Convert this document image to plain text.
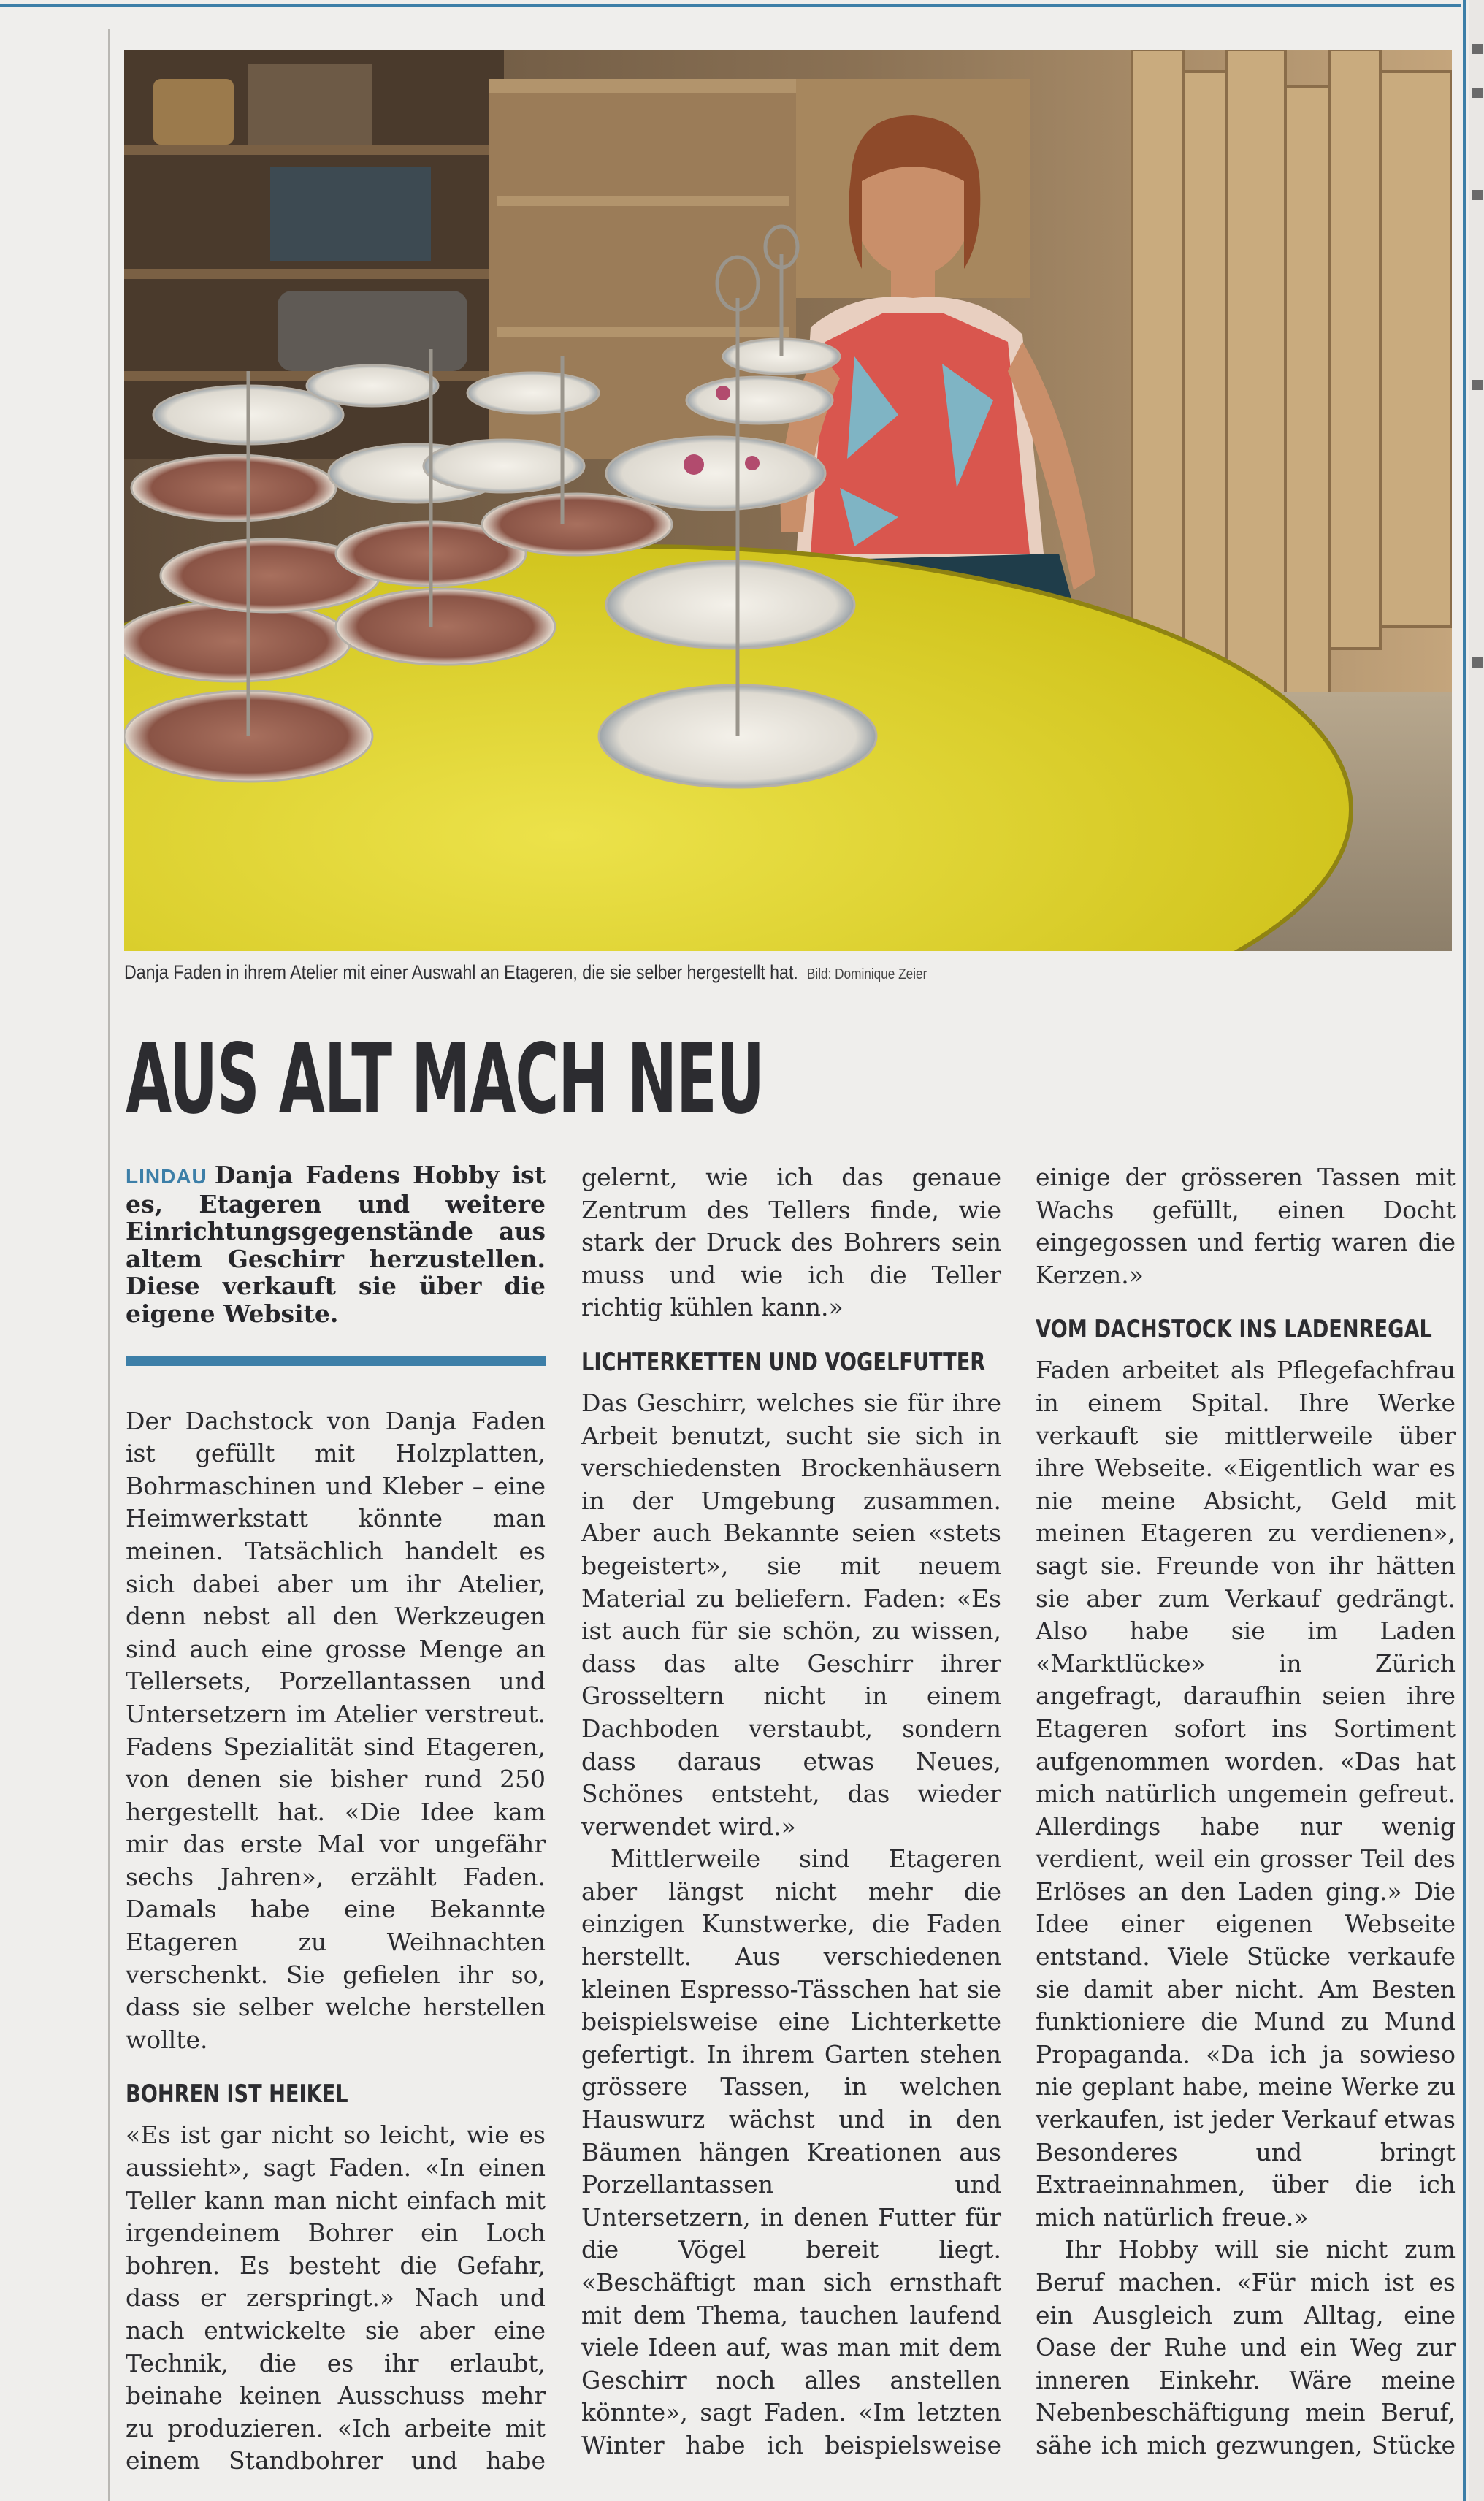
Danja Faden in ihrem Atelier mit einer Auswahl an Etageren, die sie selber hergestellt hat. Bild: Dominique Zeier
AUS ALT MACH NEU

LINDAU Danja Fadens Hobby ist es, Etageren und weitere Einrichtungsgegenstände aus altem Geschirr herzustellen. Diese verkauft sie über die eigene Website.

Der Dachstock von Danja Faden ist gefüllt mit Holzplatten, Bohrmaschinen und Kleber – eine Heimwerkstatt könnte man meinen. Tatsächlich handelt es sich dabei aber um ihr Atelier, denn nebst all den Werkzeugen sind auch eine grosse Menge an Tellersets, Porzellantassen und Untersetzern im Atelier verstreut. Fadens Spezialität sind Etageren, von denen sie bisher rund 250 hergestellt hat. «Die Idee kam mir das erste Mal vor ungefähr sechs Jahren», erzählt Faden. Damals habe eine Bekannte Etageren zu Weihnachten verschenkt. Sie gefielen ihr so, dass sie selber welche herstellen wollte.

BOHREN IST HEIKEL

«Es ist gar nicht so leicht, wie es aussieht», sagt Faden. «In einen Teller kann man nicht einfach mit irgendeinem Bohrer ein Loch bohren. Es besteht die Gefahr, dass er zerspringt.» Nach und nach entwickelte sie aber eine Technik, die es ihr erlaubt, beinahe keinen Ausschuss mehr zu produzieren. «Ich arbeite mit einem Standbohrer und habe

gelernt, wie ich das genaue Zentrum des Tellers finde, wie stark der Druck des Bohrers sein muss und wie ich die Teller richtig kühlen kann.»

LICHTERKETTEN UND VOGELFUTTER

Das Geschirr, welches sie für ihre Arbeit benutzt, sucht sie sich in verschiedensten Brockenhäusern in der Umgebung zusammen. Aber auch Bekannte seien «stets begeistert», sie mit neuem Material zu beliefern. Faden: «Es ist auch für sie schön, zu wissen, dass das alte Geschirr ihrer Grosseltern nicht in einem Dachboden verstaubt, sondern dass daraus etwas Neues, Schönes entsteht, das wieder verwendet wird.»

Mittlerweile sind Etageren aber längst nicht mehr die einzigen Kunstwerke, die Faden herstellt. Aus verschiedenen kleinen Espresso-Tässchen hat sie beispielsweise eine Lichterkette gefertigt. In ihrem Garten stehen grössere Tassen, in welchen Hauswurz wächst und in den Bäumen hängen Kreationen aus Porzellantassen und Untersetzern, in denen Futter für die Vögel bereit liegt. «Beschäftigt man sich ernsthaft mit dem Thema, tauchen laufend viele Ideen auf, was man mit dem Geschirr noch alles anstellen könnte», sagt Faden. «Im letzten Winter habe ich beispielsweise

einige der grösseren Tassen mit Wachs gefüllt, einen Docht eingegossen und fertig waren die Kerzen.»

VOM DACHSTOCK INS LADENREGAL

Faden arbeitet als Pflegefachfrau in einem Spital. Ihre Werke verkauft sie mittlerweile über ihre Webseite. «Eigentlich war es nie meine Absicht, Geld mit meinen Etageren zu verdienen», sagt sie. Freunde von ihr hätten sie aber zum Verkauf gedrängt. Also habe sie im Laden «Marktlücke» in Zürich angefragt, daraufhin seien ihre Etageren sofort ins Sortiment aufgenommen worden. «Das hat mich natürlich ungemein gefreut. Allerdings habe nur wenig verdient, weil ein grosser Teil des Erlöses an den Laden ging.» Die Idee einer eigenen Webseite entstand. Viele Stücke verkaufe sie damit aber nicht. Am Besten funktioniere die Mund zu Mund Propaganda. «Da ich ja sowieso nie geplant habe, meine Werke zu verkaufen, ist jeder Verkauf etwas Besonderes und bringt Extraeinnahmen, über die ich mich natürlich freue.»

Ihr Hobby will sie nicht zum Beruf machen. «Für mich ist es ein Ausgleich zum Alltag, eine Oase der Ruhe und ein Weg zur inneren Einkehr. Wäre meine Nebenbeschäftigung mein Beruf, sähe ich mich gezwungen, Stücke
